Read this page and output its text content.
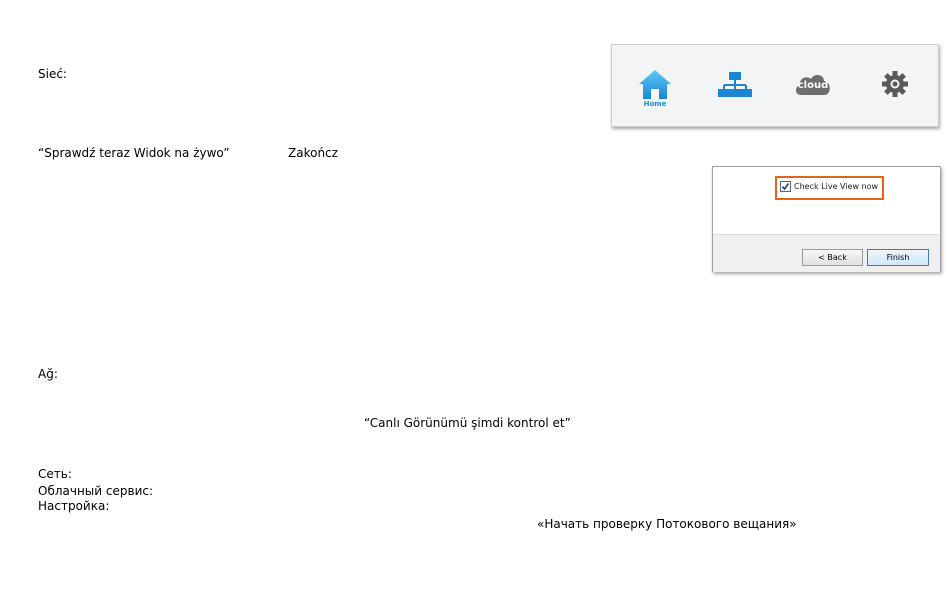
Sieć:
“Sprawdź teraz Widok na żywo”	Zakończ
Ağ:
“Canlı Görünümü şimdi kontrol et”
Сеть:
Облачный сервис:
Настройка:
«Начать проверку Потокового вещания»
Home
cloud
Check Live View now
< Back	Finish
